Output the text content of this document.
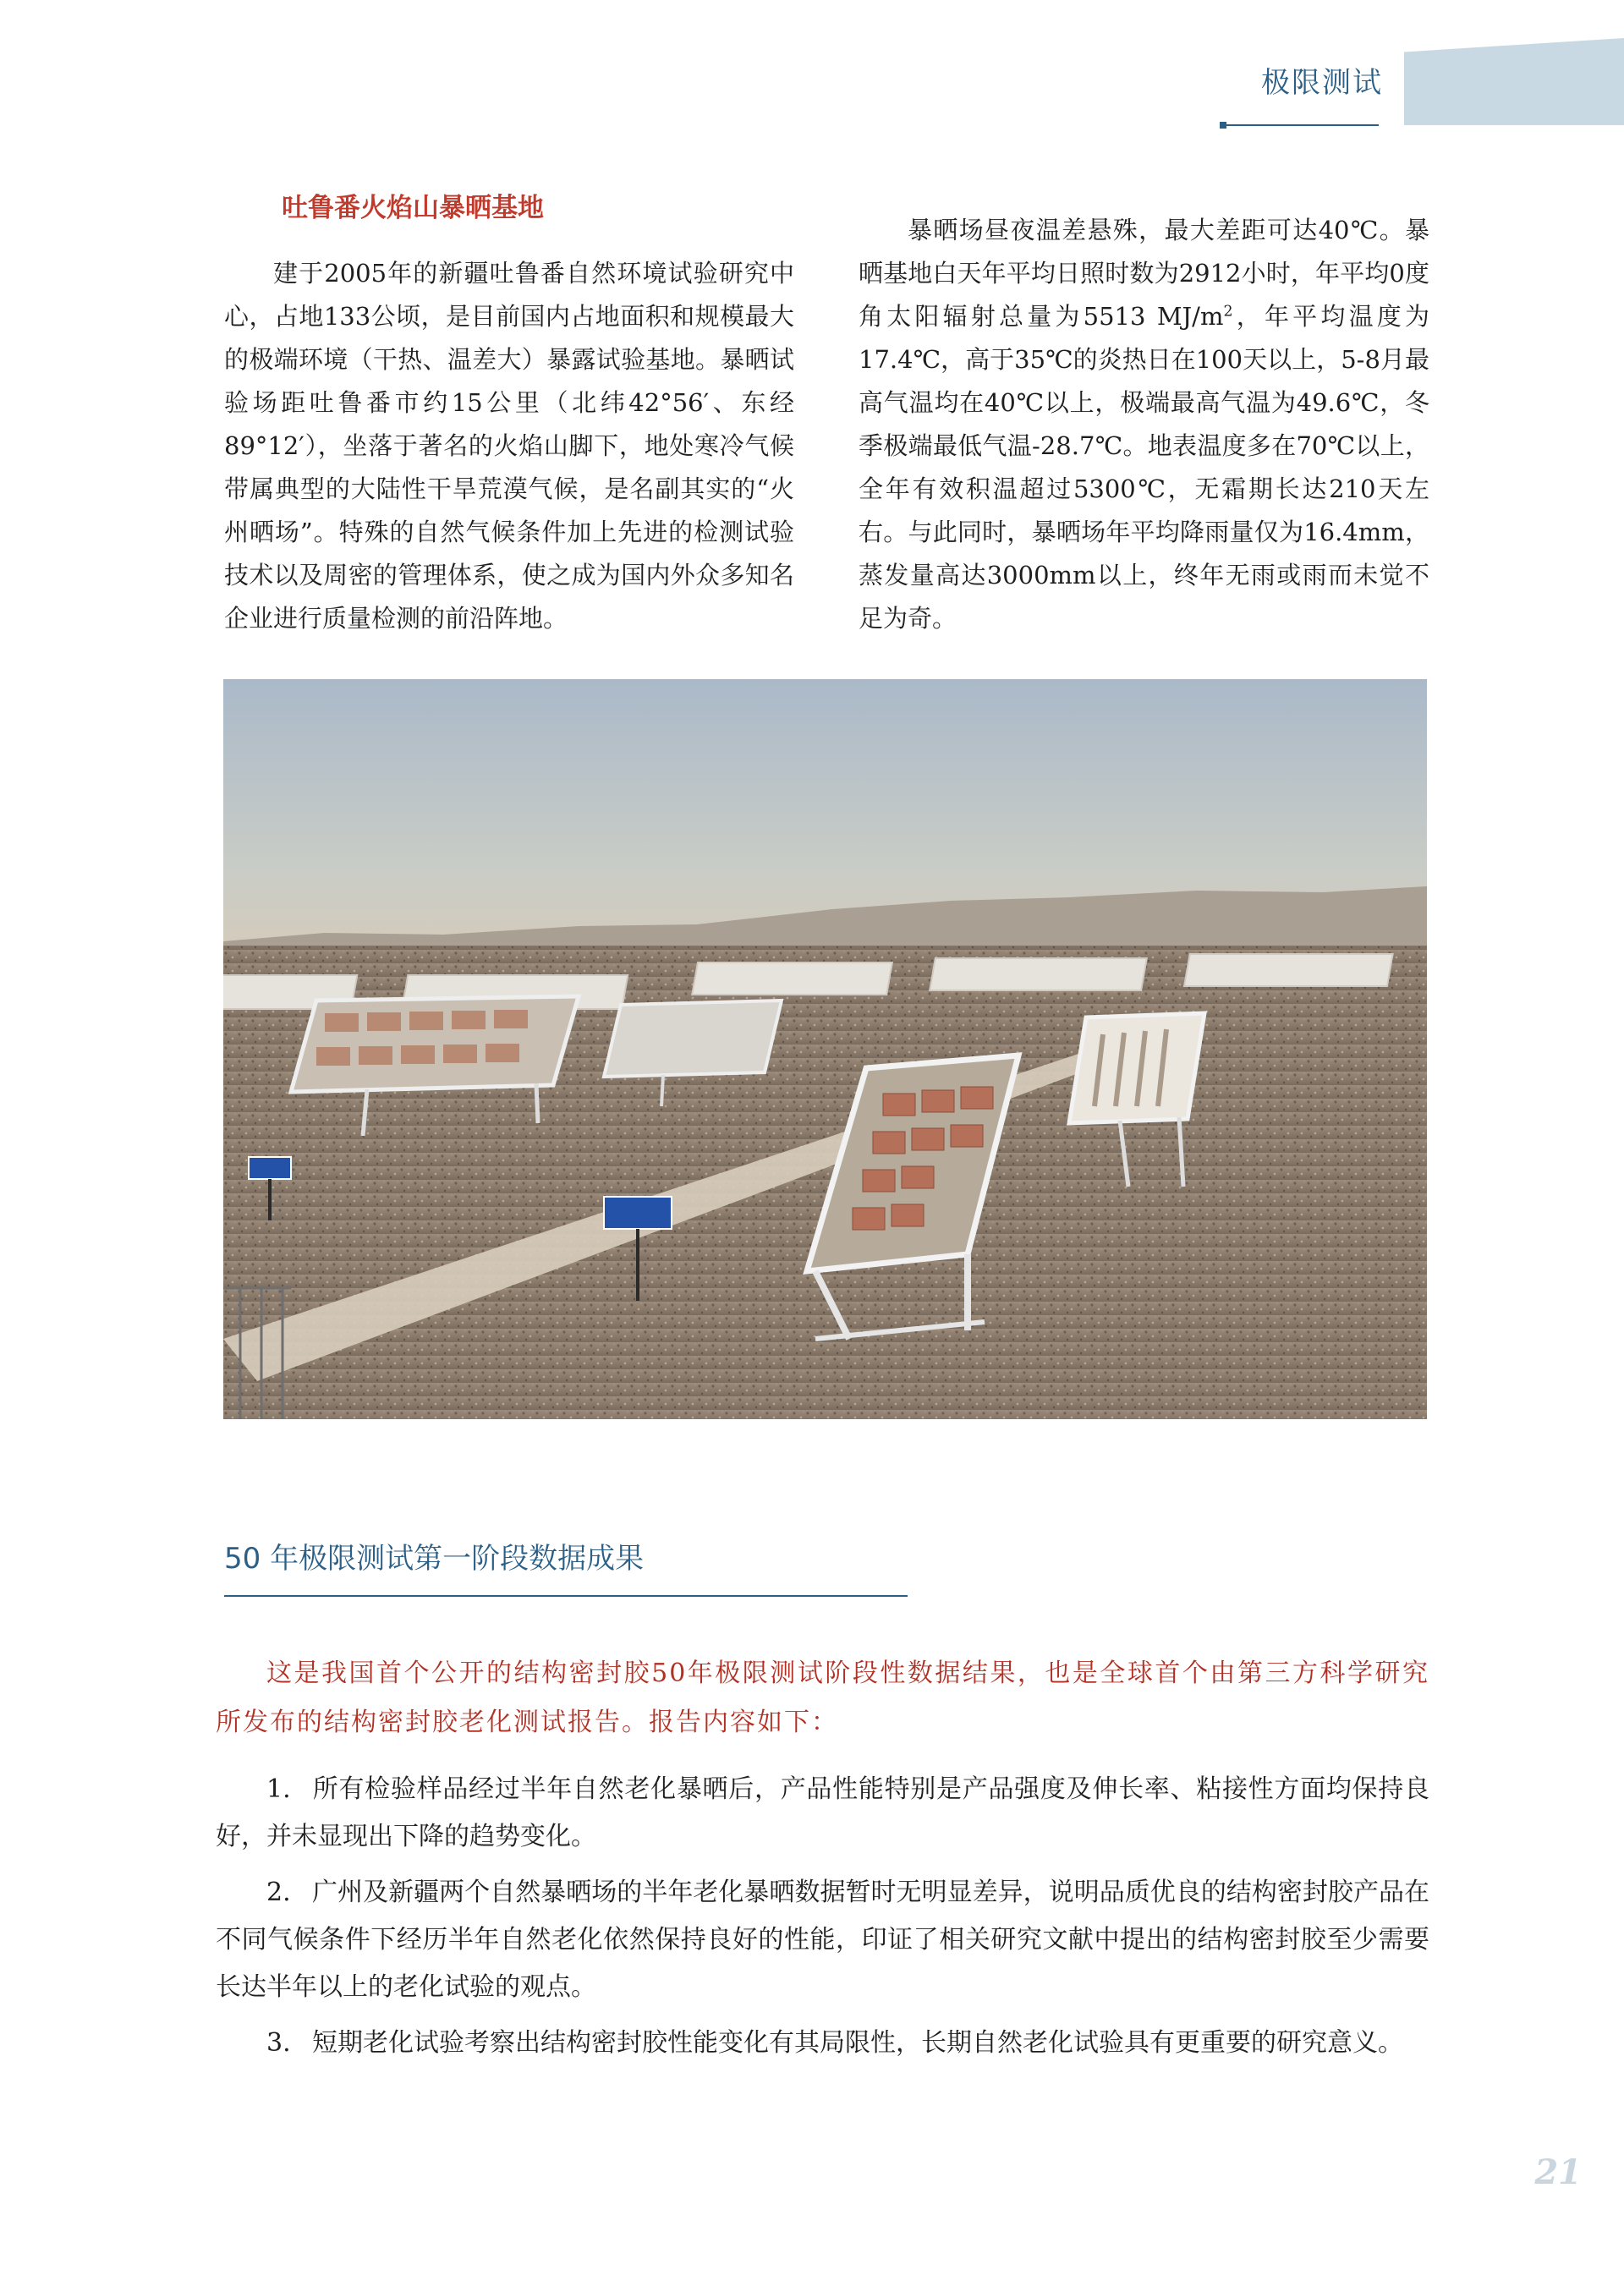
极限测试
吐鲁番火焰山暴晒基地

建于2005年的新疆吐鲁番自然环境试验研究中心，占地133公顷，是目前国内占地面积和规模最大的极端环境（干热、温差大）暴露试验基地。暴晒试验场距吐鲁番市约15公里（北纬42°56′、东经89°12′），坐落于著名的火焰山脚下，地处寒冷气候带属典型的大陆性干旱荒漠气候，是名副其实的“火州晒场”。特殊的自然气候条件加上先进的检测试验技术以及周密的管理体系，使之成为国内外众多知名企业进行质量检测的前沿阵地。

暴晒场昼夜温差悬殊，最大差距可达40℃。暴晒基地白天年平均日照时数为2912小时，年平均0度角太阳辐射总量为5513 $MJ/m^2$，年平均温度为17.4℃，高于35℃的炎热日在100天以上，5-8月最高气温均在40℃以上，极端最高气温为49.6℃，冬季极端最低气温-28.7℃。地表温度多在70℃以上，全年有效积温超过5300℃，无霜期长达210天左右。与此同时，暴晒场年平均降雨量仅为16.4mm，蒸发量高达3000mm以上，终年无雨或雨而未觉不足为奇。

50 年极限测试第一阶段数据成果

这是我国首个公开的结构密封胶50年极限测试阶段性数据结果，也是全球首个由第三方科学研究所发布的结构密封胶老化测试报告。报告内容如下：

1. 所有检验样品经过半年自然老化暴晒后，产品性能特别是产品强度及伸长率、粘接性方面均保持良好，并未显现出下降的趋势变化。
2. 广州及新疆两个自然暴晒场的半年老化暴晒数据暂时无明显差异，说明品质优良的结构密封胶产品在不同气候条件下经历半年自然老化依然保持良好的性能，印证了相关研究文献中提出的结构密封胶至少需要长达半年以上的老化试验的观点。
3. 短期老化试验考察出结构密封胶性能变化有其局限性，长期自然老化试验具有更重要的研究意义。
21
